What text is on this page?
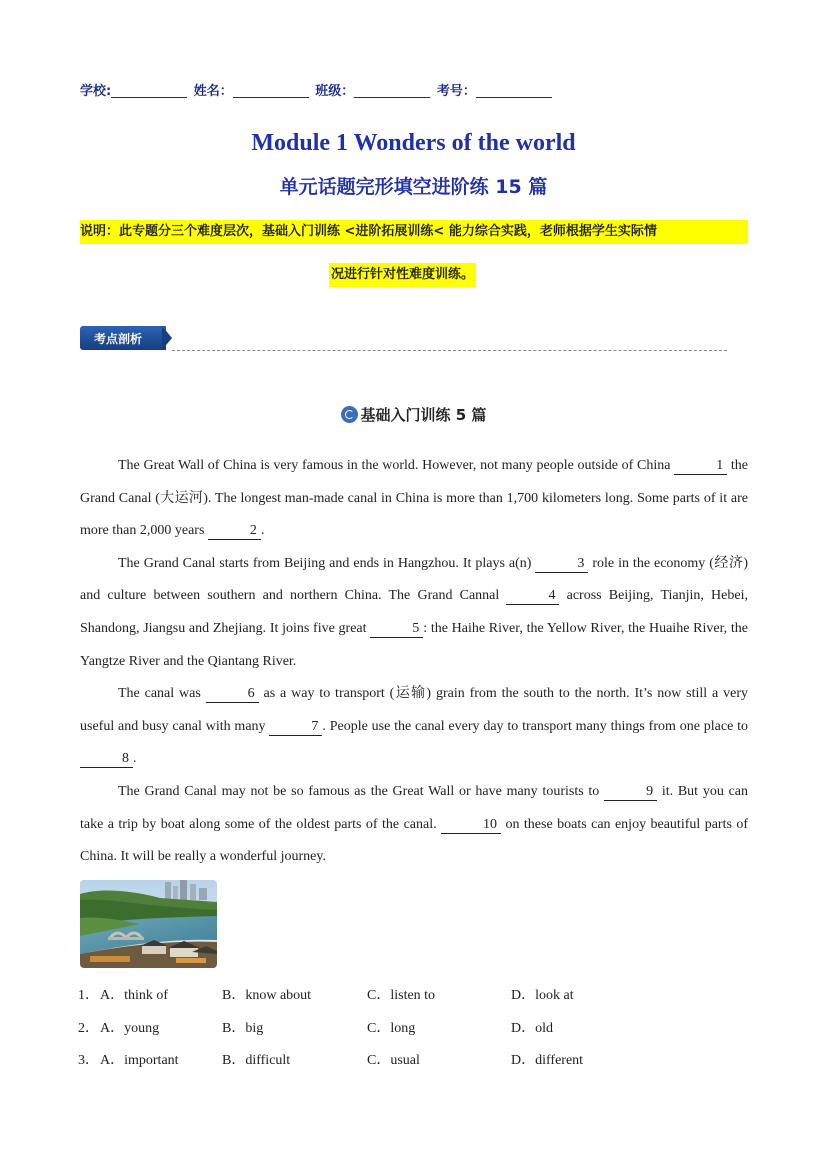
学校:	姓名：	班级：	考号：
Module 1 Wonders of the world
单元话题完形填空进阶练 15 篇
说明：此专题分三个难度层次，基础入门训练 <进阶拓展训练< 能力综合实践，老师根据学生实际情
况进行针对性难度训练。
考点剖析
基础入门训练 5 篇

The Great Wall of China is very famous in the world. However, not many people outside of China	1 the Grand Canal (大运河). The longest man-made canal in China is more than 1,700 kilometers long. Some parts of it are more than 2,000 years	2 .

The Grand Canal starts from Beijing and ends in Hangzhou. It plays a(n)	3 role in the economy (经济) and culture between southern and northern China. The Grand Cannal	4 across Beijing, Tianjin, Hebei, Shandong, Jiangsu and Zhejiang. It joins five great	5 : the Haihe River, the Yellow River, the Huaihe River, the Yangtze River and the Qiantang River.

The canal was	6 as a way to transport (运输) grain from the south to the north. It’s now still a very useful and busy canal with many	7 . People use the canal every day to transport many things from one place to 8 .

The Grand Canal may not be so famous as the Great Wall or have many tourists to	9 it. But you can take a trip by boat along some of the oldest parts of the canal.	10 on these boats can enjoy beautiful parts of China. It will be really a wonderful journey.

1． A．think of	B．know about	C．listen to	D．look at
2． A．young	B．big	C．long	D．old
3． A．important	B．difficult	C．usual	D．different
